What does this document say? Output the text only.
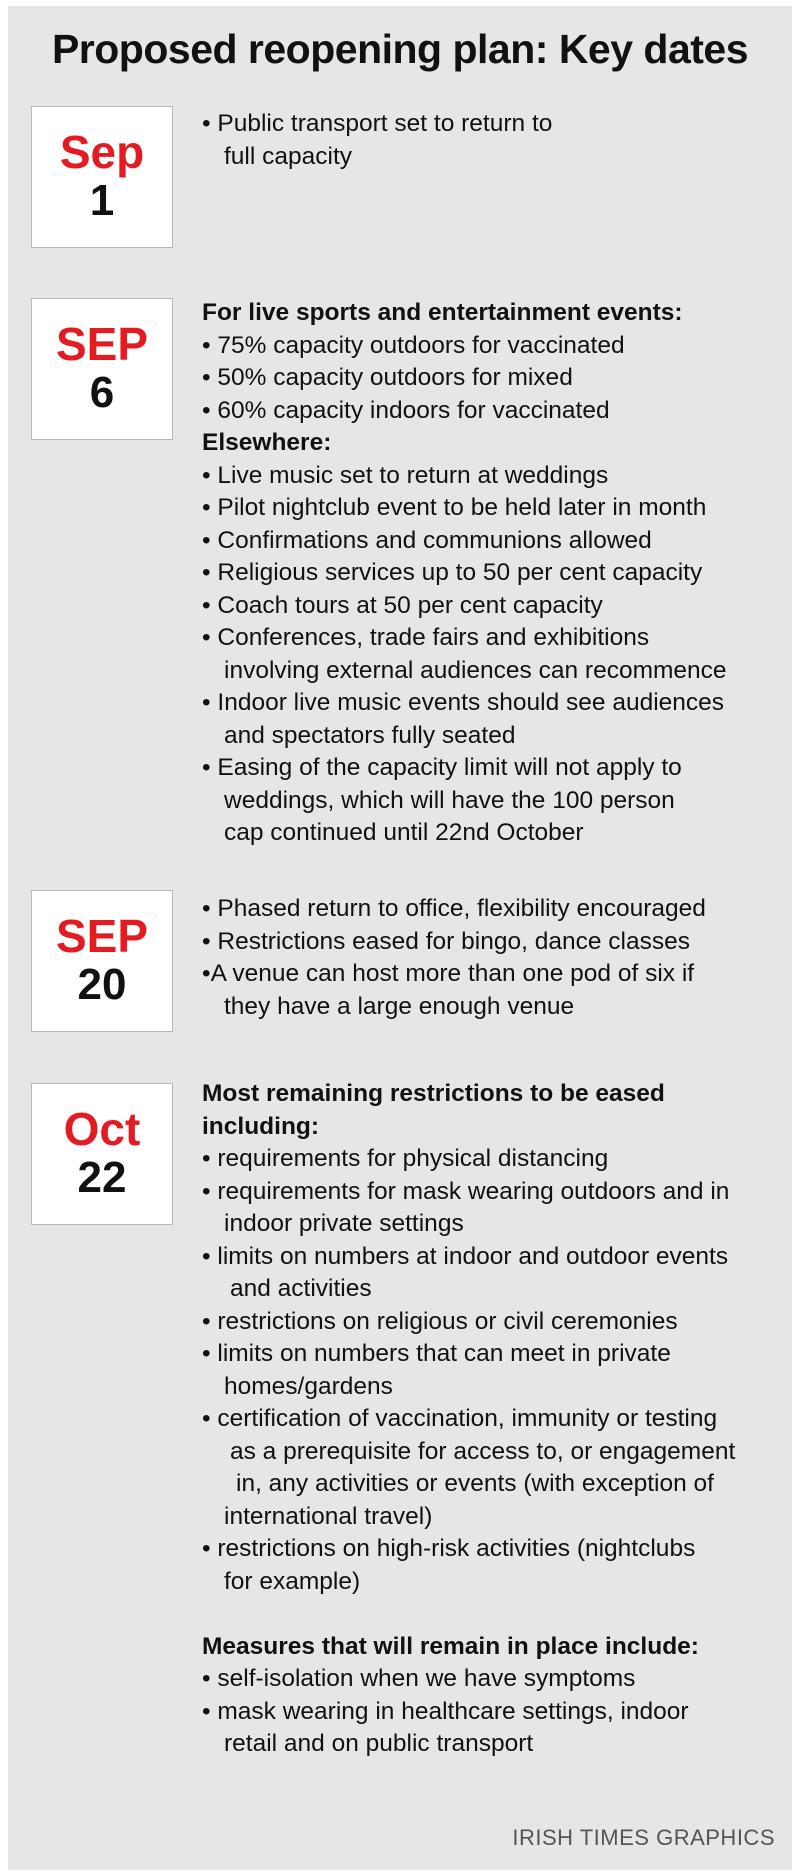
Proposed reopening plan: Key dates
Sep
1
• Public transport set to return to
full capacity
SEP
6
For live sports and entertainment events:
• 75% capacity outdoors for vaccinated
• 50% capacity outdoors for mixed
• 60% capacity indoors for vaccinated
Elsewhere:
• Live music set to return at weddings
• Pilot nightclub event to be held later in month
• Confirmations and communions allowed
• Religious services up to 50 per cent capacity
• Coach tours at 50 per cent capacity
• Conferences, trade fairs and exhibitions
involving external audiences can recommence
• Indoor live music events should see audiences
and spectators fully seated
• Easing of the capacity limit will not apply to
weddings, which will have the 100 person
cap continued until 22nd October
SEP
20
• Phased return to office, flexibility encouraged
• Restrictions eased for bingo, dance classes
•A venue can host more than one pod of six if
they have a large enough venue
Oct
22
Most remaining restrictions to be eased
including:
• requirements for physical distancing
• requirements for mask wearing outdoors and in
indoor private settings
• limits on numbers at indoor and outdoor events
and activities
• restrictions on religious or civil ceremonies
• limits on numbers that can meet in private
homes/gardens
• certification of vaccination, immunity or testing
as a prerequisite for access to, or engagement
in, any activities or events (with exception of
international travel)
• restrictions on high-risk activities (nightclubs
for example)

Measures that will remain in place include:
• self-isolation when we have symptoms
• mask wearing in healthcare settings, indoor
retail and on public transport
IRISH TIMES GRAPHICS
